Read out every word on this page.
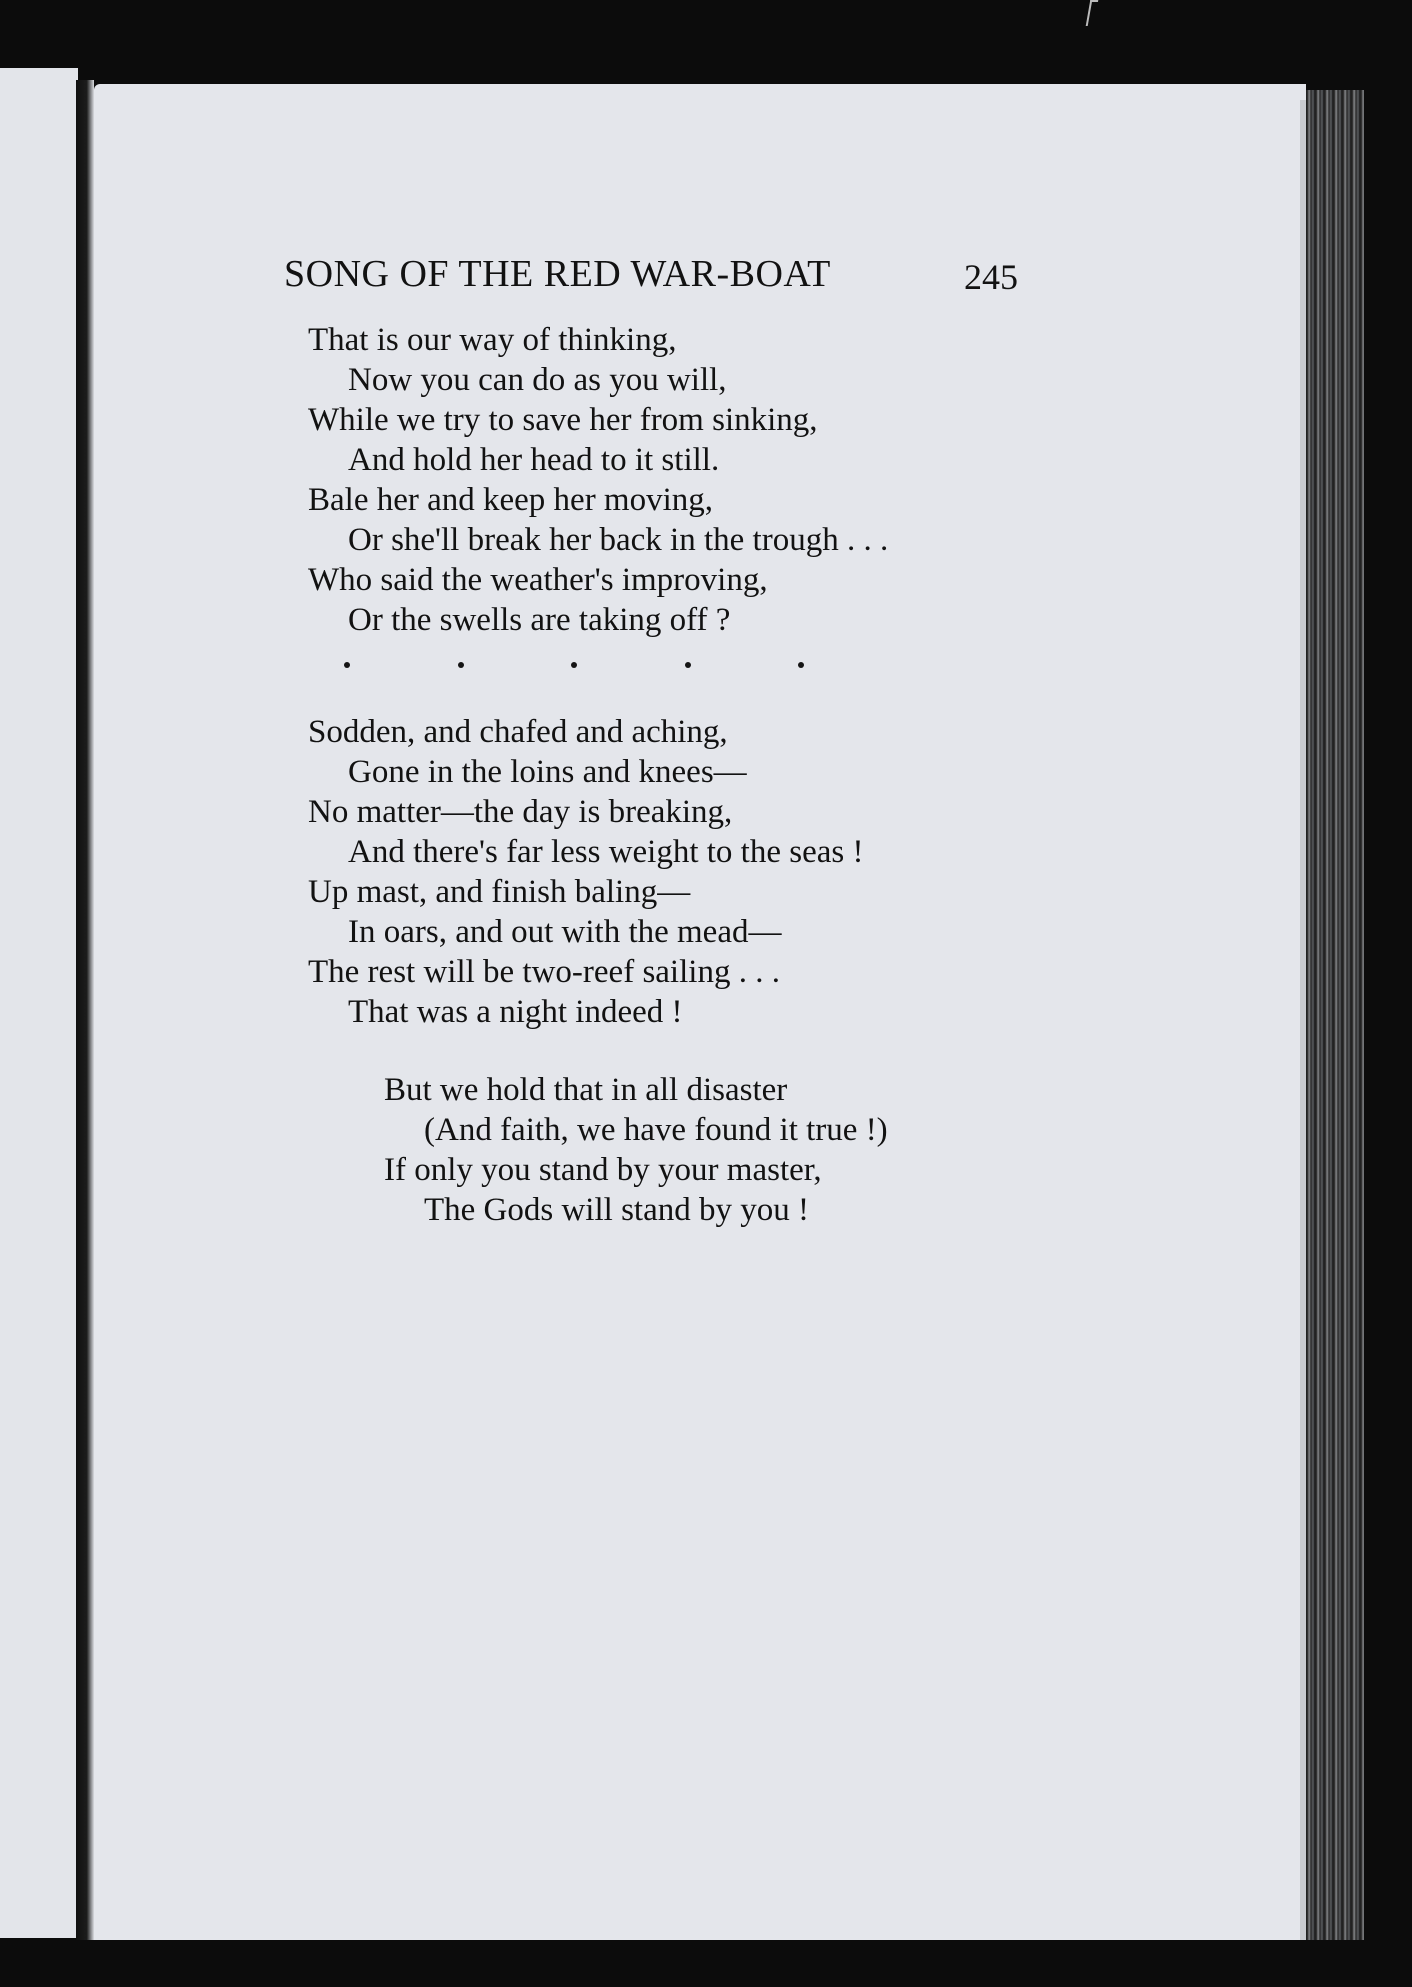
SONG OF THE RED WAR-BOAT	245
That is our way of thinking,
Now you can do as you will,
While we try to save her from sinking,
And hold her head to it still.
Bale her and keep her moving,
Or she'll break her back in the trough . . .
Who said the weather's improving,
Or the swells are taking off ?
Sodden, and chafed and aching,
Gone in the loins and knees—
No matter—the day is breaking,
And there's far less weight to the seas !
Up mast, and finish baling—
In oars, and out with the mead—
The rest will be two-reef sailing . . .
That was a night indeed !
But we hold that in all disaster
(And faith, we have found it true !)
If only you stand by your master,
The Gods will stand by you !
